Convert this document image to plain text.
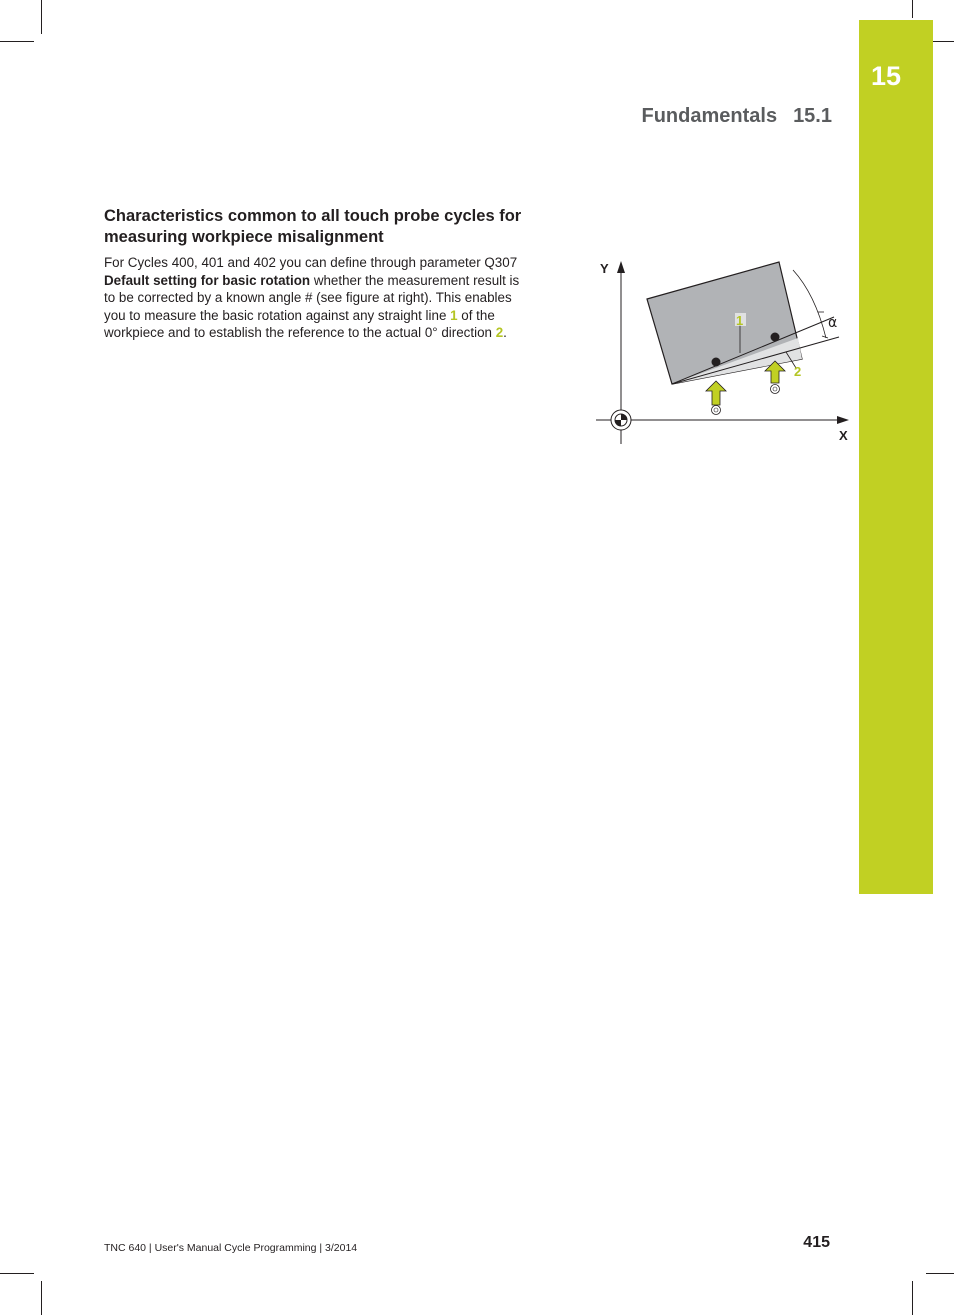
15
Fundamentals 15.1
Characteristics common to all touch probe cycles for measuring workpiece misalignment
For Cycles 400, 401 and 402 you can define through parameter Q307 Default setting for basic rotation whether the measurement result is to be corrected by a known angle # (see figure at right). This enables you to measure the basic rotation against any straight line 1 of the workpiece and to establish the reference to the actual 0° direction 2.
1
2
α
Y
X
TNC 640 | User's Manual Cycle Programming | 3/2014	415
